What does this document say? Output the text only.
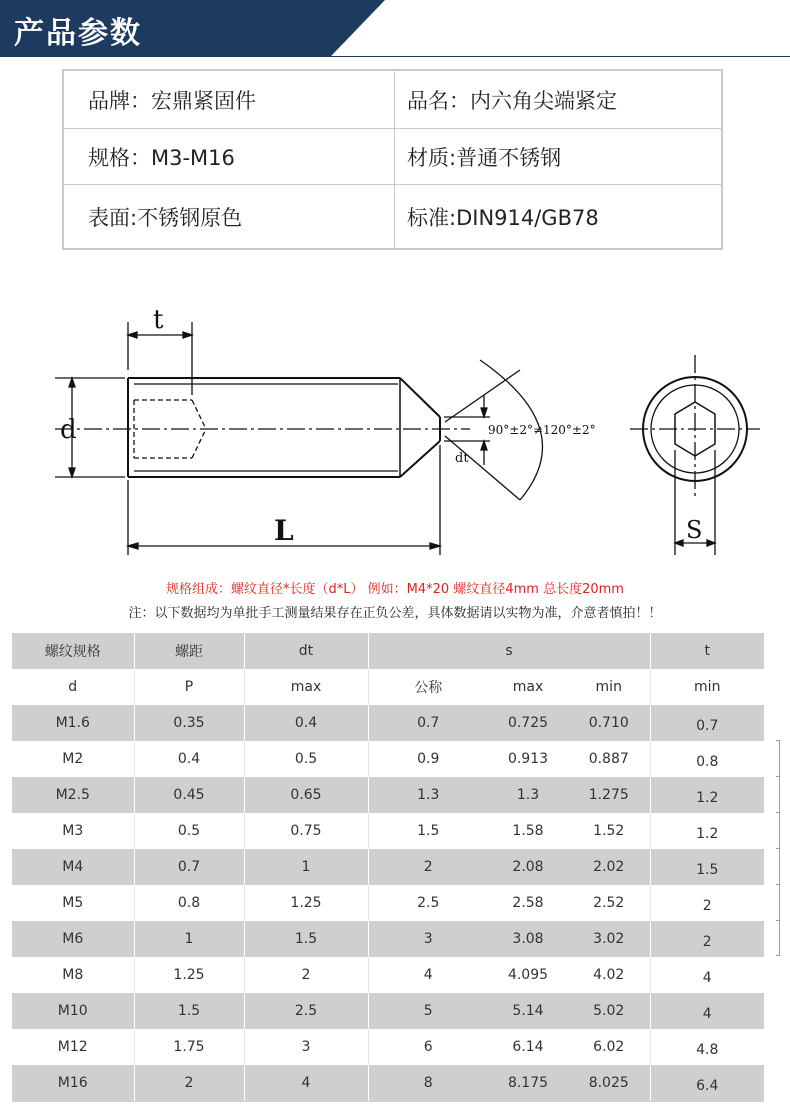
产品参数
品牌：宏鼎紧固件	品名：内六角尖端紧定
规格：M3-M16	材质:普通不锈钢
表面:不锈钢原色	标准:DIN914/GB78
t
d
L
dt
90°±2°≠120°±2°
S
规格组成：螺纹直径*长度（d*L） 例如：M4*20 螺纹直径4mm 总长度20mm
注：以下数据均为单批手工测量结果存在正负公差，具体数据请以实物为准，介意者慎拍！！
螺纹规格	螺距	dt	s			t
d	P	max	公称	max	min	min
M1.6	0.35	0.4	0.7	0.725	0.710	0.7
M2	0.4	0.5	0.9	0.913	0.887	0.8
M2.5	0.45	0.65	1.3	1.3	1.275	1.2
M3	0.5	0.75	1.5	1.58	1.52	1.2
M4	0.7	1	2	2.08	2.02	1.5
M5	0.8	1.25	2.5	2.58	2.52	2
M6	1	1.5	3	3.08	3.02	2
M8	1.25	2	4	4.095	4.02	4
M10	1.5	2.5	5	5.14	5.02	4
M12	1.75	3	6	6.14	6.02	4.8
M16	2	4	8	8.175	8.025	6.4
